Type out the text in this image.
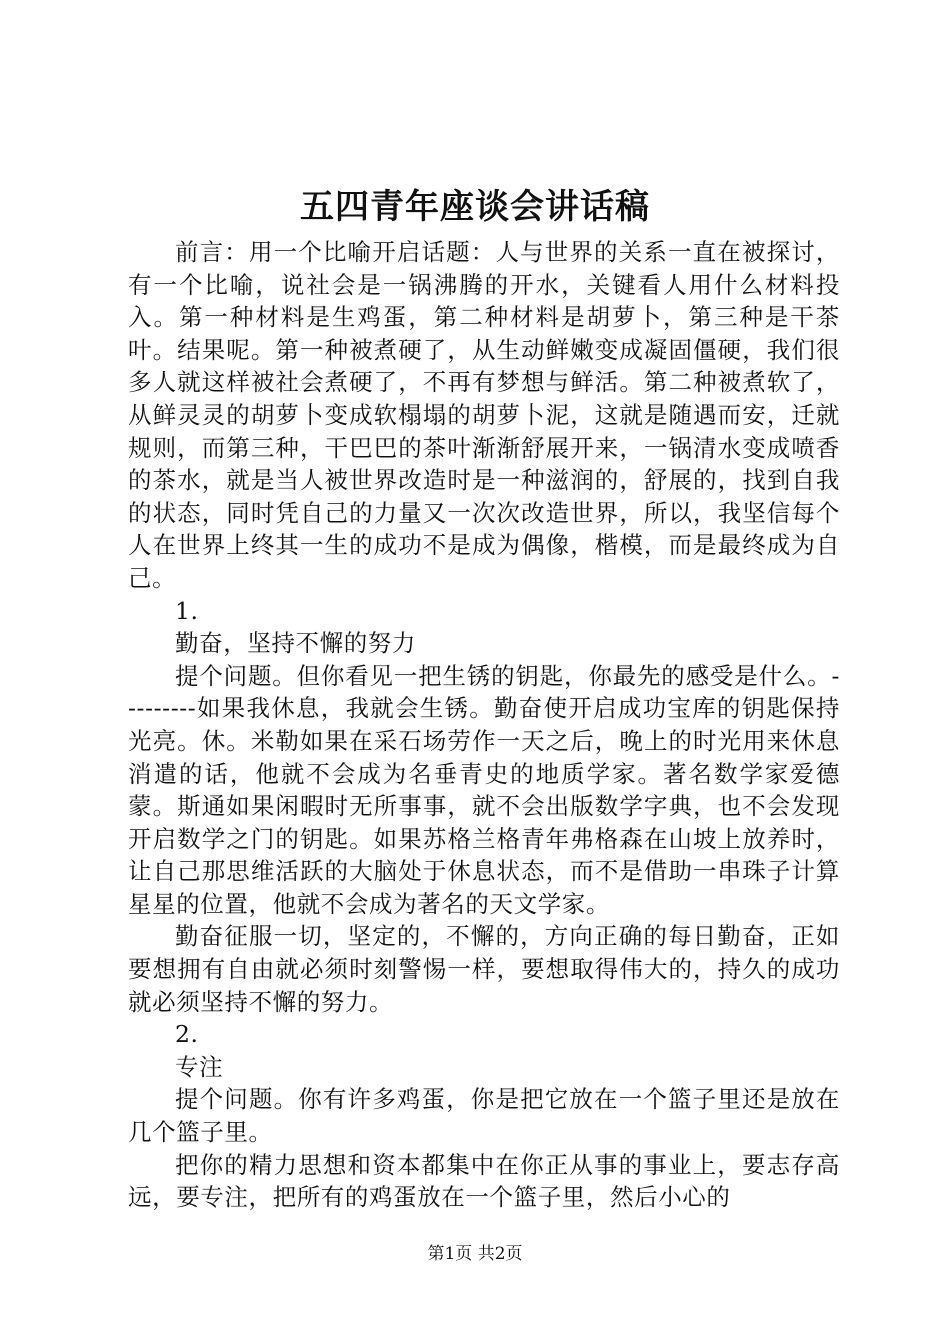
五四青年座谈会讲话稿

前言：用一个比喻开启话题：人与世界的关系一直在被探讨，有一个比喻，说社会是一锅沸腾的开水，关键看人用什么材料投入。第一种材料是生鸡蛋，第二种材料是胡萝卜，第三种是干茶叶。结果呢。第一种被煮硬了，从生动鲜嫩变成凝固僵硬，我们很多人就这样被社会煮硬了，不再有梦想与鲜活。第二种被煮软了，从鲜灵灵的胡萝卜变成软榻塌的胡萝卜泥，这就是随遇而安，迁就规则，而第三种，干巴巴的茶叶渐渐舒展开来，一锅清水变成喷香的茶水，就是当人被世界改造时是一种滋润的，舒展的，找到自我的状态，同时凭自己的力量又一次次改造世界，所以，我坚信每个人在世界上终其一生的成功不是成为偶像，楷模，而是最终成为自己。

1.

勤奋，坚持不懈的努力

提个问题。但你看见一把生锈的钥匙，你最先的感受是什么。---------如果我休息，我就会生锈。勤奋使开启成功宝库的钥匙保持光亮。休。米勒如果在采石场劳作一天之后，晚上的时光用来休息消遣的话，他就不会成为名垂青史的地质学家。著名数学家爱德蒙。斯通如果闲暇时无所事事，就不会出版数学字典，也不会发现开启数学之门的钥匙。如果苏格兰格青年弗格森在山坡上放养时，让自己那思维活跃的大脑处于休息状态，而不是借助一串珠子计算星星的位置，他就不会成为著名的天文学家。

勤奋征服一切，坚定的，不懈的，方向正确的每日勤奋，正如要想拥有自由就必须时刻警惕一样，要想取得伟大的，持久的成功就必须坚持不懈的努力。

2.

专注

提个问题。你有许多鸡蛋，你是把它放在一个篮子里还是放在几个篮子里。

把你的精力思想和资本都集中在你正从事的事业上，要志存高远，要专注，把所有的鸡蛋放在一个篮子里，然后小心的

第1页 共2页
